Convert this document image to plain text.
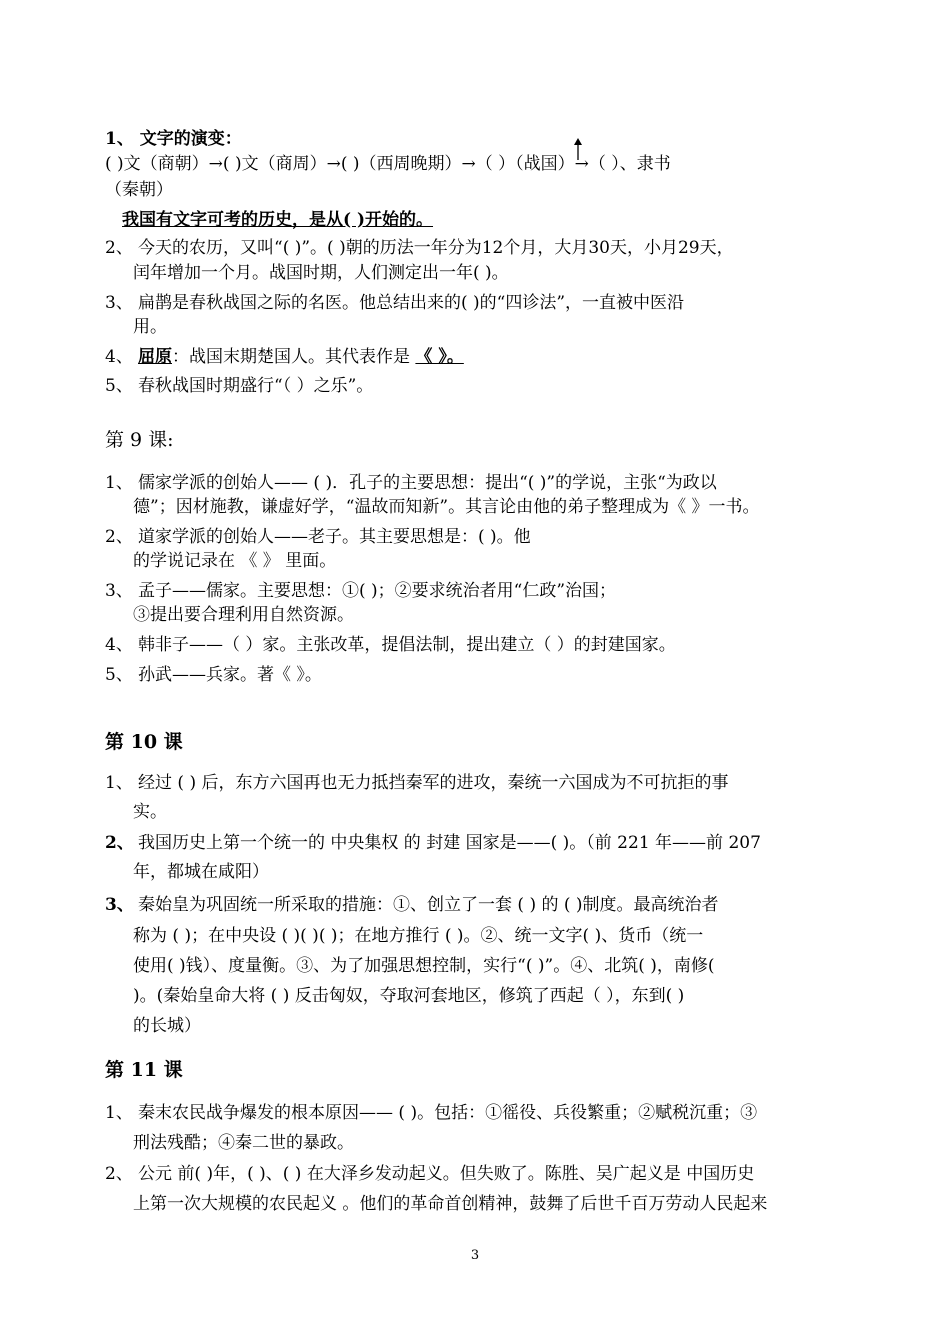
1、 文字的演变：
( )文（商朝）→( )文（商周）→( )（西周晚期）→（ ）（战国）→（ ）、隶书
（秦朝）
我国有文字可考的历史，是从( )开始的。
2、 今天的农历，又叫“( )”。( )朝的历法一年分为12个月，大月30天，小月29天，
闰年增加一个月。战国时期，人们测定出一年( )。
3、 扁鹊是春秋战国之际的名医。他总结出来的( )的“四诊法”，一直被中医沿
用。
4、 屈原：战国末期楚国人。其代表作是 《 》。
5、 春秋战国时期盛行“（ ）之乐”。
第 9 课:
1、 儒家学派的创始人—— ( )．孔子的主要思想：提出“( )”的学说，主张“为政以
德”；因材施教，谦虚好学，“温故而知新”。其言论由他的弟子整理成为《 》一书。
2、 道家学派的创始人——老子。其主要思想是：( )。他
的学说记录在 《 》 里面。
3、 孟子——儒家。主要思想：①( )；②要求统治者用“仁政”治国；
③提出要合理利用自然资源。
4、 韩非子——（ ）家。主张改革，提倡法制，提出建立（ ）的封建国家。
5、 孙武——兵家。著《 》。
第 10 课
1、 经过 ( ) 后，东方六国再也无力抵挡秦军的进攻，秦统一六国成为不可抗拒的事
实。
2、 我国历史上第一个统一的 中央集权 的 封建 国家是——( )。（前 221 年——前 207
年，都城在咸阳）
3、 秦始皇为巩固统一所采取的措施：①、创立了一套 ( ) 的 ( )制度。最高统治者
称为 ( )；在中央设 ( )( )( )；在地方推行 ( )。②、统一文字( )、货币（统一
使用( )钱）、度量衡。③、为了加强思想控制，实行“( )”。④、北筑( )，南修(
)。(秦始皇命大将 ( ) 反击匈奴，夺取河套地区，修筑了西起（ ），东到( )
的长城）
第 11 课
1、 秦末农民战争爆发的根本原因—— ( )。包括：①徭役、兵役繁重；②赋税沉重；③
刑法残酷；④秦二世的暴政。
2、 公元 前( )年，( )、( ) 在大泽乡发动起义。但失败了。陈胜、吴广起义是 中国历史
上第一次大规模的农民起义 。他们的革命首创精神，鼓舞了后世千百万劳动人民起来
3
